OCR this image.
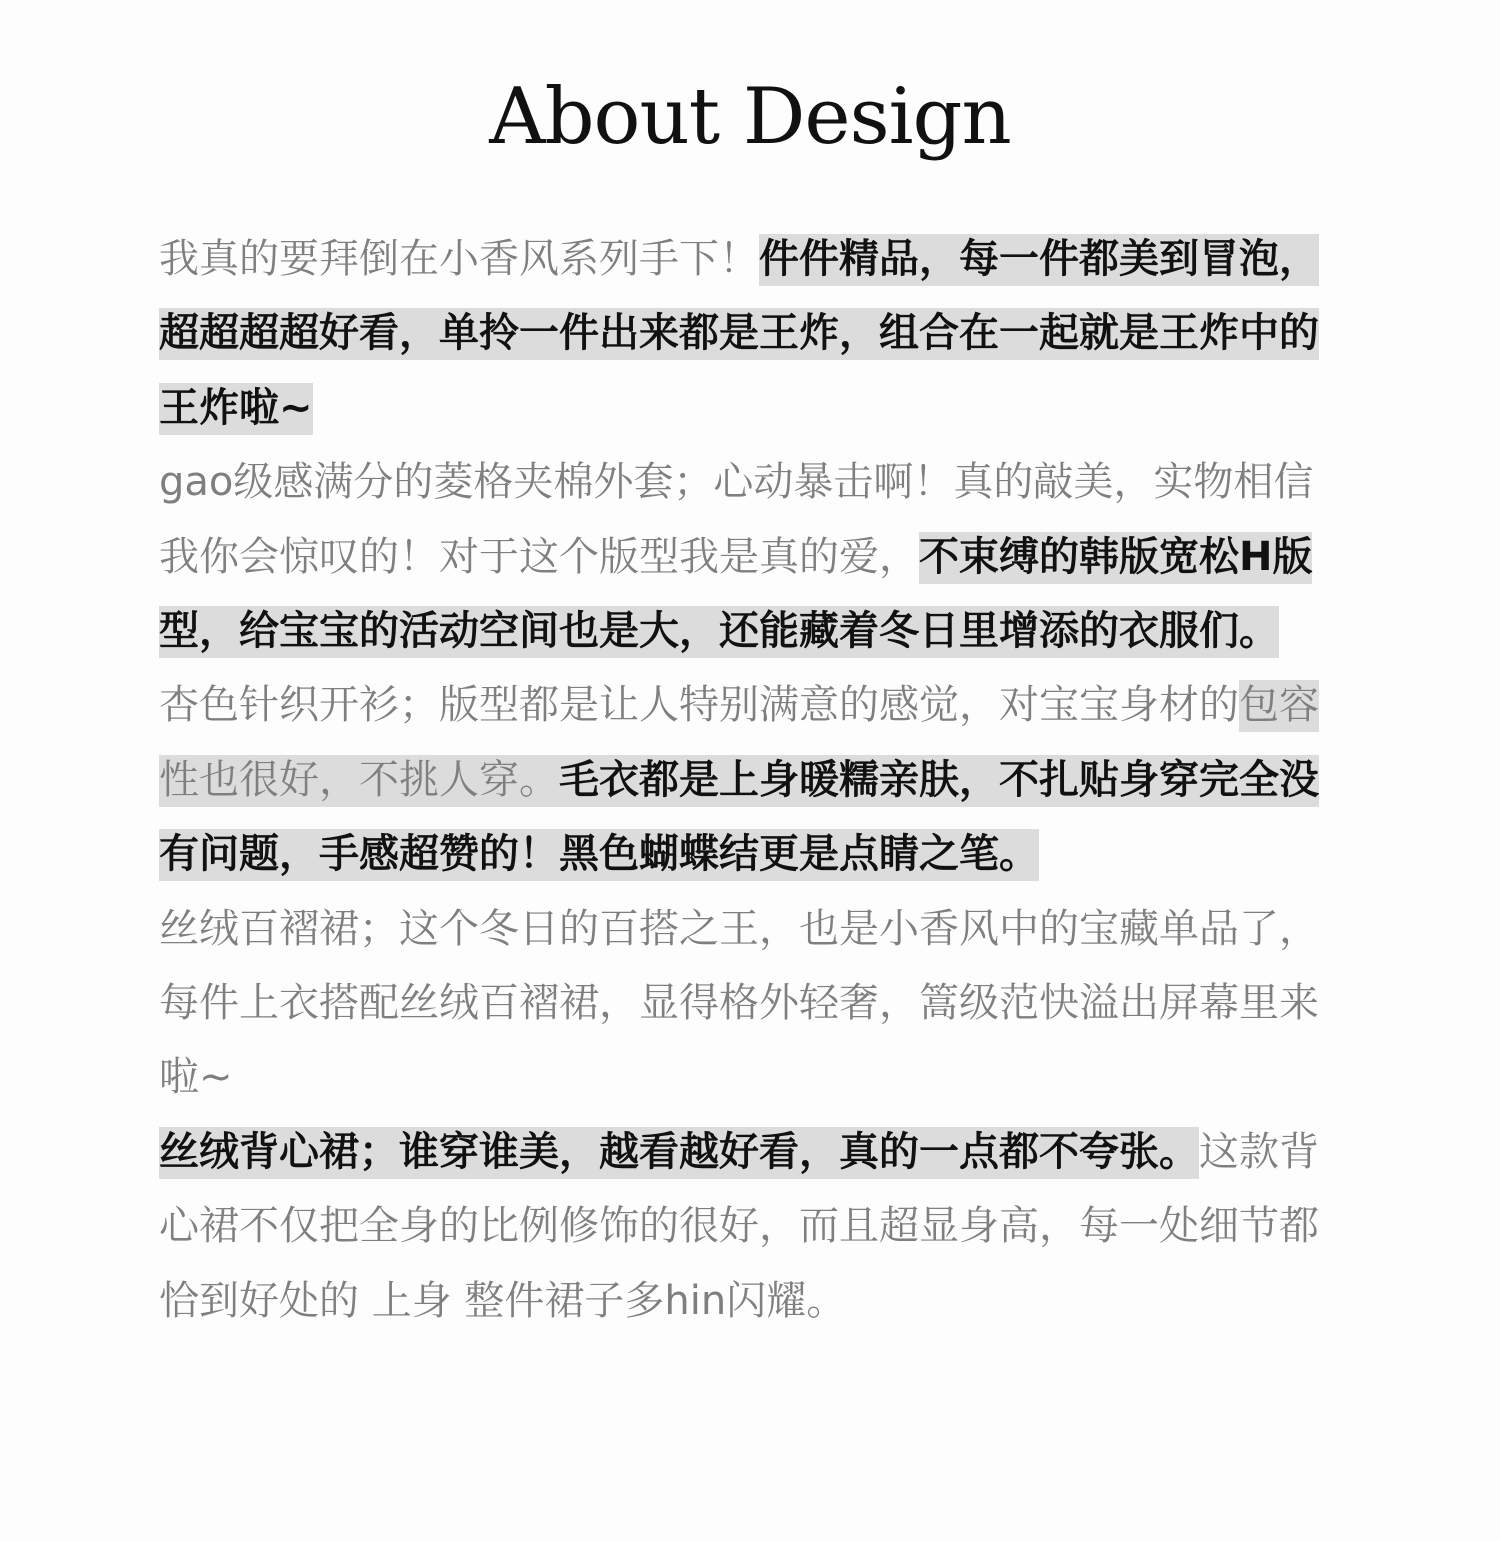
About Design

我真的要拜倒在小香风系列手下！件件精品，每一件都美到冒泡，超超超超好看，单拎一件出来都是王炸，组合在一起就是王炸中的王炸啦~

gao级感满分的菱格夹棉外套；心动暴击啊！真的敲美，实物相信我你会惊叹的！对于这个版型我是真的爱，不束缚的韩版宽松H版型，给宝宝的活动空间也是大，还能藏着冬日里增添的衣服们。

杏色针织开衫；版型都是让人特别满意的感觉，对宝宝身材的包容性也很好，不挑人穿。毛衣都是上身暖糯亲肤，不扎贴身穿完全没有问题，手感超赞的！黑色蝴蝶结更是点睛之笔。

丝绒百褶裙；这个冬日的百搭之王，也是小香风中的宝藏单品了，每件上衣搭配丝绒百褶裙，显得格外轻奢，篙级范快溢出屏幕里来啦~

丝绒背心裙；谁穿谁美，越看越好看，真的一点都不夸张。这款背心裙不仅把全身的比例修饰的很好，而且超显身高，每一处细节都恰到好处的 上身 整件裙子多hin闪耀。
